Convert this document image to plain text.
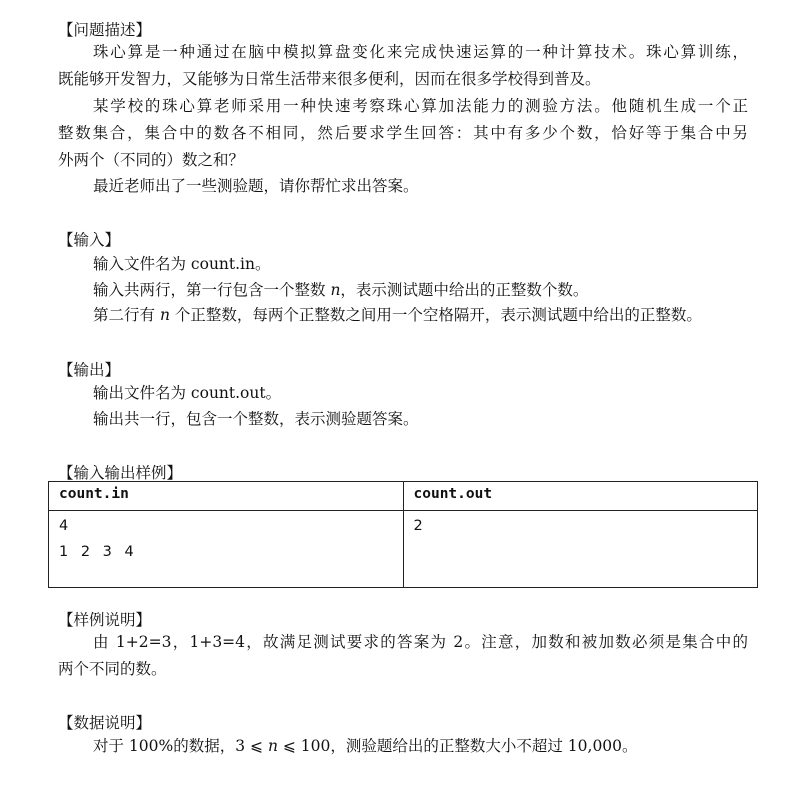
【问题描述】
珠心算是一种通过在脑中模拟算盘变化来完成快速运算的一种计算技术。珠心算训练，
既能够开发智力，又能够为日常生活带来很多便利，因而在很多学校得到普及。
某学校的珠心算老师采用一种快速考察珠心算加法能力的测验方法。他随机生成一个正
整数集合，集合中的数各不相同，然后要求学生回答：其中有多少个数，恰好等于集合中另
外两个（不同的）数之和？
最近老师出了一些测验题，请你帮忙求出答案。
【输入】
输入文件名为 count.in。
输入共两行，第一行包含一个整数 n，表示测试题中给出的正整数个数。
第二行有 n 个正整数，每两个正整数之间用一个空格隔开，表示测试题中给出的正整数。
【输出】
输出文件名为 count.out。
输出共一行，包含一个整数，表示测验题答案。
【输入输出样例】
count.in	count.out

4
1 2 3 4	2
【样例说明】
由 1+2=3，1+3=4，故满足测试要求的答案为 2。注意，加数和被加数必须是集合中的
两个不同的数。
【数据说明】
对于 100%的数据，3 ⩽ n ⩽ 100，测验题给出的正整数大小不超过 10,000。
